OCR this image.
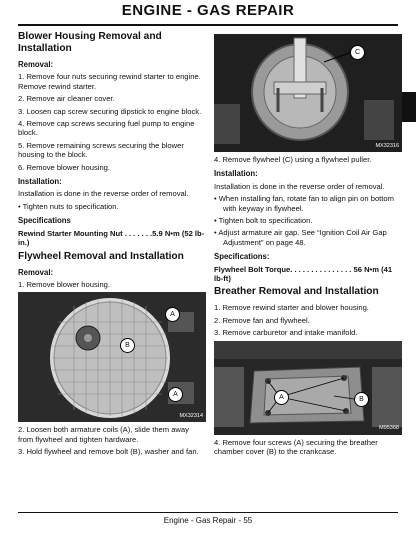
ENGINE - GAS REPAIR
Blower Housing Removal and Installation
Removal:

1. Remove four nuts securing rewind starter to engine. Remove rewind starter.

2. Remove air cleaner cover.

3. Loosen cap screw securing dipstick to engine block.

4. Remove cap screws securing fuel pump to engine block.

5. Remove remaining screws securing the blower housing to the block.

6. Remove blower housing.

Installation:

Installation is done in the reverse order of removal.

• Tighten nuts to specification.

Specifications

Rewind Starter Mounting Nut . . . . . . .5.9 N•m (52 lb-in.)

Flywheel Removal and Installation
Removal:

1. Remove blower housing.

A
B
A
MX32314

2. Loosen both armature coils (A), slide them away from flywheel and tighten hardware.

3. Hold flywheel and remove bolt (B), washer and fan.

C
MX32316

4. Remove flywheel (C) using a flywheel puller.

Installation:

Installation is done in the reverse order of removal.

• When installing fan, rotate fan to align pin on bottom with keyway in flywheel.

• Tighten bolt to specification.

• Adjust armature air gap. See “Ignition Coil Air Gap Adjustment” on page 48.

Specifications:

Flywheel Bolt Torque. . . . . . . . . . . . . . . 56 N•m (41 lb-ft)

Breather Removal and Installation

1. Remove rewind starter and blower housing.

2. Remove fan and flywheel.

3. Remove carburetor and intake manifold.

A	B
M95368

4. Remove four screws (A) securing the breather chamber cover (B) to the crankcase.

Engine - Gas Repair - 55
